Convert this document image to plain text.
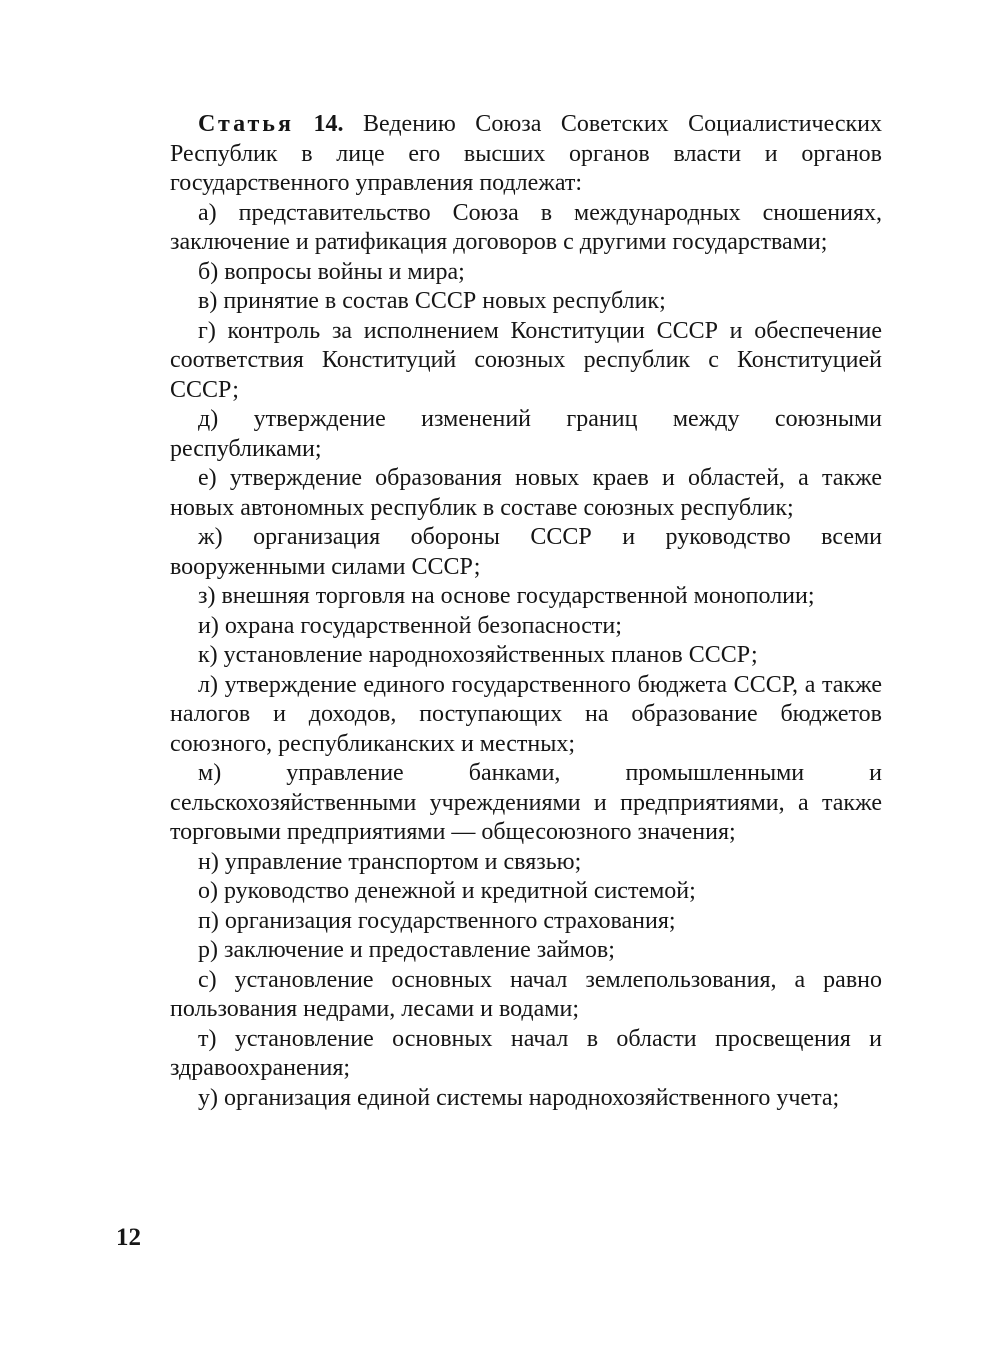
Статья 14. Ведению Союза Советских Социалистических Республик в лице его высших органов власти и органов государственного управления подлежат:

а) представительство Союза в международных сношениях, заключение и ратификация договоров с другими государствами;

б) вопросы войны и мира;

в) принятие в состав СССР новых республик;

г) контроль за исполнением Конституции СССР и обеспечение соответствия Конституций союзных республик с Конституцией СССР;

д) утверждение изменений границ между союзными республиками;

е) утверждение образования новых краев и областей, а также новых автономных республик в составе союзных республик;

ж) организация обороны СССР и руководство всеми вооруженными силами СССР;

з) внешняя торговля на основе государственной монополии;

и) охрана государственной безопасности;

к) установление народнохозяйственных планов СССР;

л) утверждение единого государственного бюджета СССР, а также налогов и доходов, поступающих на образование бюджетов союзного, республиканских и местных;

м) управление банками, промышленными и сельскохозяйственными учреждениями и предприятиями, а также торговыми предприятиями — общесоюзного значения;

н) управление транспортом и связью;

о) руководство денежной и кредитной системой;

п) организация государственного страхования;

р) заключение и предоставление займов;

с) установление основных начал землепользования, а равно пользования недрами, лесами и водами;

т) установление основных начал в области просвещения и здравоохранения;

у) организация единой системы народнохозяйственного учета;

12
